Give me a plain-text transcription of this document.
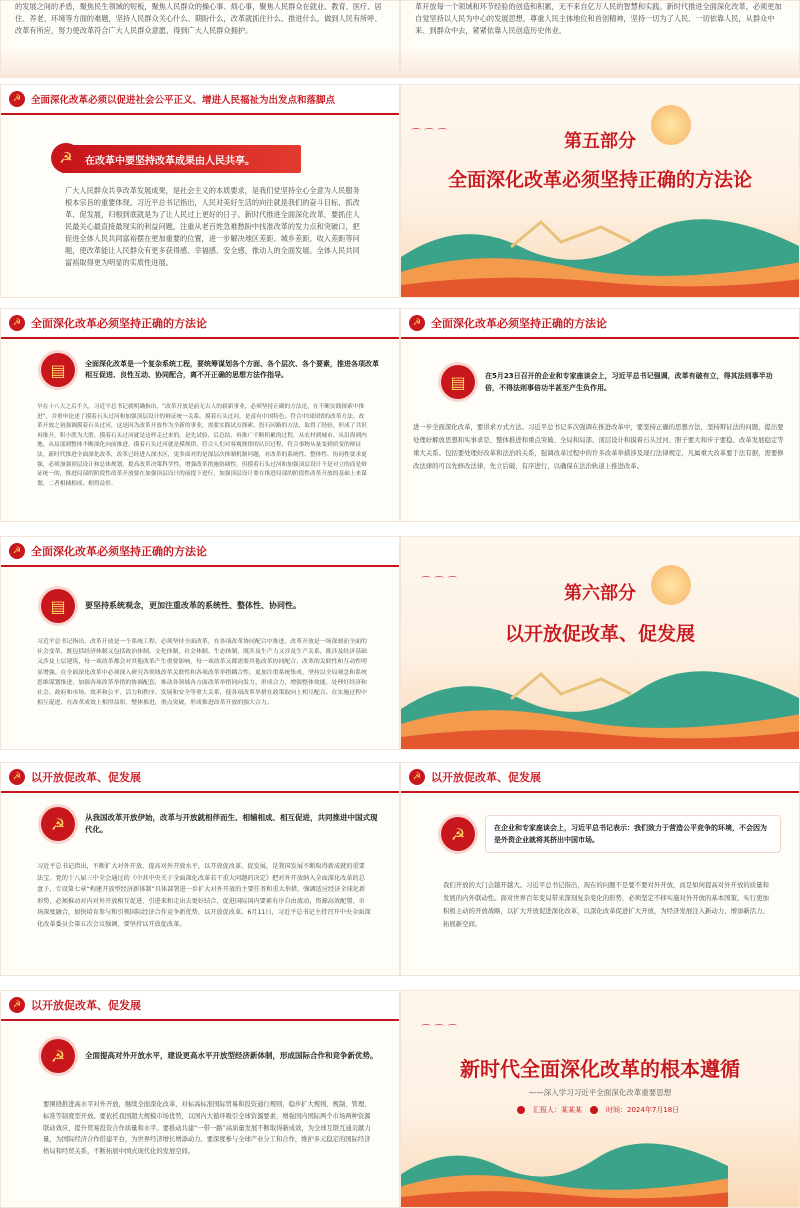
的发展之间的矛盾，聚焦民生领域的短板，聚焦人民群众的操心事、烦心事，聚焦人民群众在就业、教育、医疗、居住、养老、环境等方面的难题，坚持人民群众关心什么、期盼什么，改革就抓住什么、推进什么，做到人民有所呼、改革有所应，努力使改革符合广大人民群众意愿、得到广大人民群众拥护。
革开放每一个领域和环节经验的创造和积累，无不来自亿万人民的智慧和实践。新时代推进全面深化改革，必须更加自觉坚持以人民为中心的发展思想，尊重人民主体地位和首创精神，坚持一切为了人民、一切依靠人民，从群众中来、到群众中去，紧紧依靠人民创造历史伟业。
☭	全面深化改革必须以促进社会公平正义、增进人民福祉为出发点和落脚点
在改革中要坚持改革成果由人民共享。
☭
广大人民群众共享改革发展成果，是社会主义的本质要求，是我们党坚持全心全意为人民服务根本宗旨的重要体现。习近平总书记指出，人民对美好生活的向往就是我们的奋斗目标，抓改革、促发展，归根到底就是为了让人民过上更好的日子。新时代推进全面深化改革，要抓住人民最关心最直接最现实的利益问题，注重从老百姓急难愁盼中找准改革的发力点和突破口，把促进全体人民共同富裕摆在更加重要的位置，进一步解决地区差距、城乡差距、收入差距等问题，使改革能让人民群众有更多获得感、幸福感、安全感，推动人的全面发展、全体人民共同富裕取得更为明显的实质性进展。
⌒ ⌒ ⌒	第五部分
全面深化改革必须坚持正确的方法论
☭ 全面深化改革必须坚持正确的方法论
▤	全面深化改革是一个复杂系统工程，要统筹谋划各个方面、各个层次、各个要素，推进各项改革相互促进、良性互动、协同配合，离不开正确的思想方法作指导。
早在十八大之后不久，习近平总书记就明确指出，“改革开放是前无古人的崭新事业，必须坚持正确的方法论，在不断实践探索中推进”，并重申论述了摸着石头过河和加强顶层设计的辩证统一关系。摸着石头过河，是富有中国特色、符合中国国情的改革方法。改革开放之初强调摸着石头过河，这是因为改革开放作为全新的事业，需要实践试点探索、投石问路的方法，取得了经验，形成了共识再推开，积小胜为大胜。摸着石头过河就是这样走过来的。是先试验、后总结、再推广不断积累的过程，从农村到城市、从沿海到内地、从局部到整体不断深化向前推进。摸着石头过河就是摸规律，符合人们对客观规律的认识过程，符合事物从量变到质变的辩证法。新时代推进全面深化改革，改革已经进入深水区，更多面对的是深层次体制机制问题，对改革的系统性、整体性、协同性要求更强，必须加强顶层设计和总体规划，提高改革决策科学性、增强改革措施协调性。但摸着石头过河和加强顶层设计不是对立的而是辩证统一的，推进局部的阶段性改革开放要在加强顶层设计的前提下进行，加强顶层设计要在推进局部的阶段性改革开放的基础上来谋划，二者相辅相成、相得益彰。
☭ 全面深化改革必须坚持正确的方法论
▤	在5月23日召开的企业和专家座谈会上，习近平总书记强调，改革有破有立，得其法则事半功倍，不得法则事倍功半甚至产生负作用。
进一步全面深化改革，要讲求方式方法。习近平总书记多次强调在推进改革中，要坚持正确的思想方法，坚持辩证法的问题，提出要处理好解放思想和实事求是、整体推进和重点突破、全局和局部、顶层设计和摸着石头过河、胆子要大和步子要稳、改革发展稳定等重大关系。包括要处理好改革和法治的关系，强调改革过程中的许多改革举措涉及现行法律规定，凡属重大改革要于法有据，需要修改法律的可以先修改法律，先立后破，有序进行，以确保在法治轨道上推进改革。
☭ 全面深化改革必须坚持正确的方法论
▤	要坚持系统观念，更加注重改革的系统性、整体性、协同性。
习近平总书记指出，改革开放是一个系统工程，必须坚持全面改革，在各项改革协同配合中推进。改革开放是一场深刻而全面的社会变革，既包括经济体制又包括政治体制、文化体制、社会体制、生态体制，既涉及生产力又涉及生产关系，既涉及经济基础又涉及上层建筑，每一项改革都会对其他改革产生重要影响，每一项改革又都需要其他改革协同配合，改革的关联性和互动性明显增强。在全面深化改革中必须深入研究各领域改革关联性和各项改革举措耦合性，更加注重系统集成，坚持以全局观念和系统思维谋划推进，加强各项改革举措的协调配套，推动各领域各方面改革举措同向发力、形成合力，增强整体效能，处理好经济和社会、政府和市场、效率和公平、活力和秩序、发展和安全等重大关系，使各项改革举措在政策取向上相互配合、在实施过程中相互促进、在改革成效上相得益彰，整体推进，重点突破，形成推进改革开放的强大合力。
⌒ ⌒ ⌒
第六部分
以开放促改革、促发展
☭ 以开放促改革、促发展
☭	从我国改革开放伊始，改革与开放就相伴而生、相辅相成、相互促进，共同推进中国式现代化。
习近平总书记指出，不断扩大对外开放、提高对外开放水平，以开放促改革、促发展，是我国发展不断取得新成就的重要法宝。党的十八届三中全会通过的《中共中央关于全面深化改革若干重大问题的决定》把对外开放纳入全面深化改革的总盘子，专设第七章“构建开放型经济新体制”具体部署进一步扩大对外开放的主要任务和重大举措，强调适应经济全球化新形势，必须推动对内对外开放相互促进、引进来和走出去更好结合，促进国际国内要素有序自由流动、资源高效配置、市场深度融合，加快培育参与和引领国际经济合作竞争新优势，以开放促改革。6月11日，习近平总书记主持召开中央全面深化改革委员会第五次会议强调，要坚持以开放促改革。
☭ 以开放促改革、促发展
☭	在企业和专家座谈会上，习近平总书记表示：我们致力于营造公平竞争的环境，不会因为是外资企业就将其挤出中国市场。
我们开放的大门会越开越大。习近平总书记指出，现在的问题不是要不要对外开放，而是如何提高对外开放的质量和发展的内外联动性。面对世界百年变局带来深刻复杂变化的形势，必须坚定不移实施对外开放的基本国策、实行更加积极主动的开放战略，以扩大开放促进深化改革，以深化改革促进扩大开放，为经济发展注入新动力、增添新活力、拓展新空间。
☭ 以开放促改革、促发展
☭	全面提高对外开放水平，建设更高水平开放型经济新体制，形成国际合作和竞争新优势。
要围绕推进高水平对外开放，继续全面深化改革，对标高标准国际贸易和投资通行规则，稳步扩大规则、规制、管理、标准等制度型开放。要依托我国超大规模市场优势，以国内大循环吸引全球资源要素，增强国内国际两个市场两种资源联动效应，提升贸易投资合作质量和水平。要推动共建“一带一路”高质量发展不断取得新成效，为全球互联互通贡献力量，为国际经济合作搭建平台，为世界经济增长增添动力。要深度参与全球产业分工和合作，维护多元稳定的国际经济格局和经贸关系，不断拓展中国式现代化的发展空间。
⌒ ⌒ ⌒
新时代全面深化改革的根本遵循
——深入学习习近平全面深化改革重要思想
汇报人：某某某	时间：2024年7月18日
